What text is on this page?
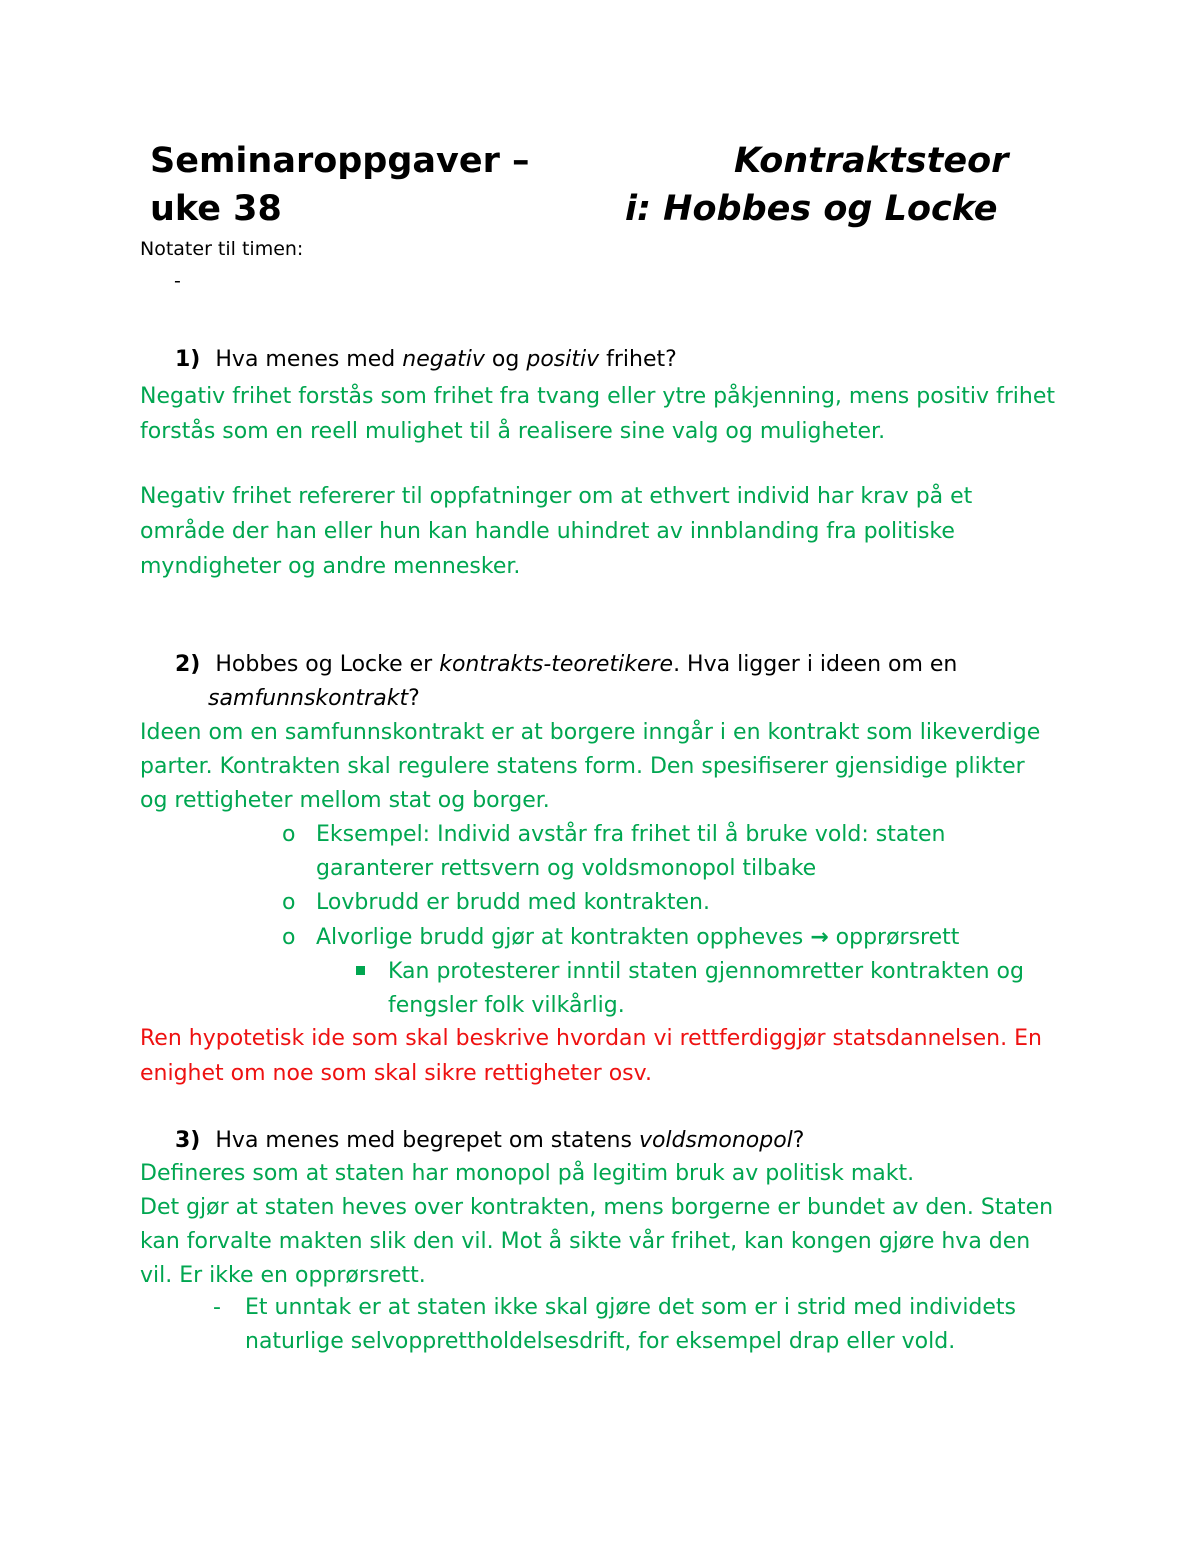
Seminaroppgaver –
uke 38
Kontraktsteor
i: Hobbes og Locke
Notater til timen:
-
1) Hva menes med negativ og positiv frihet?
Negativ frihet forstås som frihet fra tvang eller ytre påkjenning, mens positiv frihet
forstås som en reell mulighet til å realisere sine valg og muligheter.
Negativ frihet refererer til oppfatninger om at ethvert individ har krav på et
område der han eller hun kan handle uhindret av innblanding fra politiske
myndigheter og andre mennesker.
2) Hobbes og Locke er kontrakts-teoretikere. Hva ligger i ideen om en
samfunnskontrakt?
Ideen om en samfunnskontrakt er at borgere inngår i en kontrakt som likeverdige
parter. Kontrakten skal regulere statens form. Den spesifiserer gjensidige plikter
og rettigheter mellom stat og borger.
o Eksempel: Individ avstår fra frihet til å bruke vold: staten
garanterer rettsvern og voldsmonopol tilbake
o Lovbrudd er brudd med kontrakten.
o Alvorlige brudd gjør at kontrakten oppheves → opprørsrett
Kan protesterer inntil staten gjennomretter kontrakten og
fengsler folk vilkårlig.
Ren hypotetisk ide som skal beskrive hvordan vi rettferdiggjør statsdannelsen. En
enighet om noe som skal sikre rettigheter osv.
3) Hva menes med begrepet om statens voldsmonopol?
Defineres som at staten har monopol på legitim bruk av politisk makt.
Det gjør at staten heves over kontrakten, mens borgerne er bundet av den. Staten
kan forvalte makten slik den vil. Mot å sikte vår frihet, kan kongen gjøre hva den
vil. Er ikke en opprørsrett.
- Et unntak er at staten ikke skal gjøre det som er i strid med individets
naturlige selvopprettholdelsesdrift, for eksempel drap eller vold.
